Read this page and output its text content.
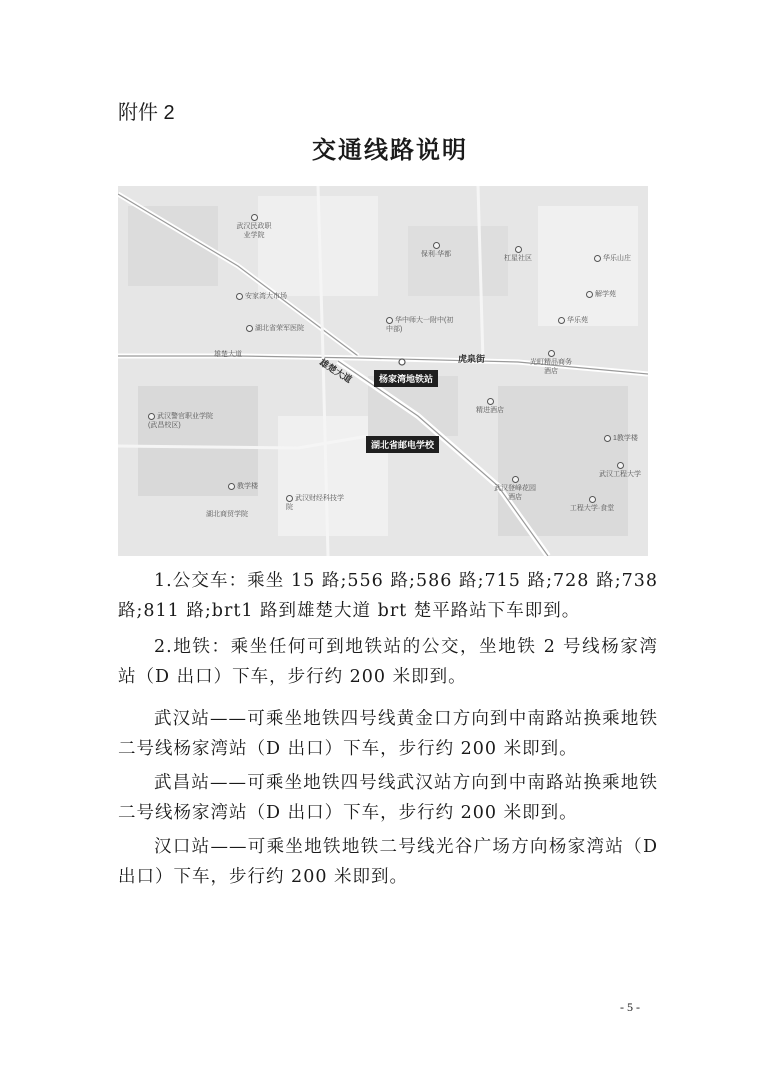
附件 2
交通线路说明
雄楚大道	虎泉街
杨家湾地铁站
湖北省邮电学校
武汉民政职业学院
保利·华都
杠星社区	华乐山庄
解学苑
华乐苑
安家湾大市场
湖北省荣军医院
华中师大一附中(初中部)
雄楚大道
光町精品商务酒店
精进酒店
武汉警官职业学院(武昌校区)
1教学楼
武汉工程大学
教学楼
武汉财经科技学院
武汉登峰花园酒店
工程大学·食堂
湖北商贸学院
1.公交车：乘坐 15 路;556 路;586 路;715 路;728 路;738 路;811 路;brt1 路到雄楚大道 brt 楚平路站下车即到。
2.地铁：乘坐任何可到地铁站的公交，坐地铁 2 号线杨家湾站（D 出口）下车，步行约 200 米即到。
武汉站——可乘坐地铁四号线黄金口方向到中南路站换乘地铁二号线杨家湾站（D 出口）下车，步行约 200 米即到。
武昌站——可乘坐地铁四号线武汉站方向到中南路站换乘地铁二号线杨家湾站（D 出口）下车，步行约 200 米即到。
汉口站——可乘坐地铁地铁二号线光谷广场方向杨家湾站（D 出口）下车，步行约 200 米即到。
- 5 -
